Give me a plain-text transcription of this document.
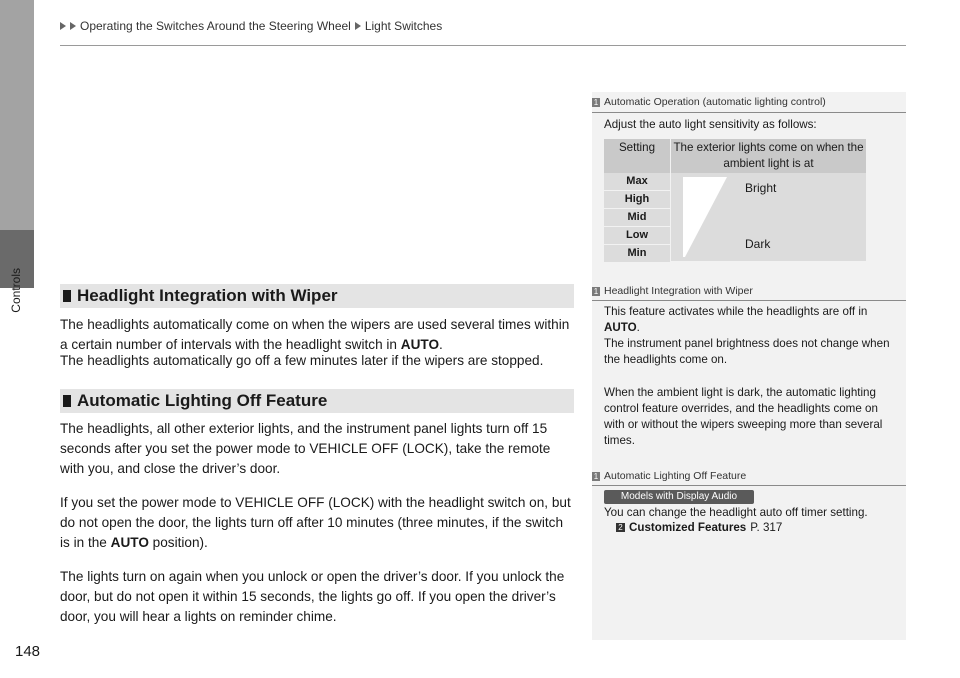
Controls
Operating the Switches Around the Steering Wheel Light Switches
Headlight Integration with Wiper
The headlights automatically come on when the wipers are used several times within a certain number of intervals with the headlight switch in AUTO.
The headlights automatically go off a few minutes later if the wipers are stopped.
Automatic Lighting Off Feature
The headlights, all other exterior lights, and the instrument panel lights turn off 15 seconds after you set the power mode to VEHICLE OFF (LOCK), take the remote with you, and close the driver’s door.
If you set the power mode to VEHICLE OFF (LOCK) with the headlight switch on, but do not open the door, the lights turn off after 10 minutes (three minutes, if the switch is in the AUTO position).
The lights turn on again when you unlock or open the driver’s door. If you unlock the door, but do not open it within 15 seconds, the lights go off. If you open the driver’s door, you will hear a lights on reminder chime.
1 Automatic Operation (automatic lighting control)
Adjust the auto light sensitivity as follows:
Setting	The exterior lights come on when the ambient light is at
Max
High
Mid
Low
Min
Bright
Dark
1 Headlight Integration with Wiper
This feature activates while the headlights are off in AUTO.
The instrument panel brightness does not change when the headlights come on.
When the ambient light is dark, the automatic lighting control feature overrides, and the headlights come on with or without the wipers sweeping more than several times.
1 Automatic Lighting Off Feature
Models with Display Audio
You can change the headlight auto off timer setting.
2 Customized Features P. 317
148
